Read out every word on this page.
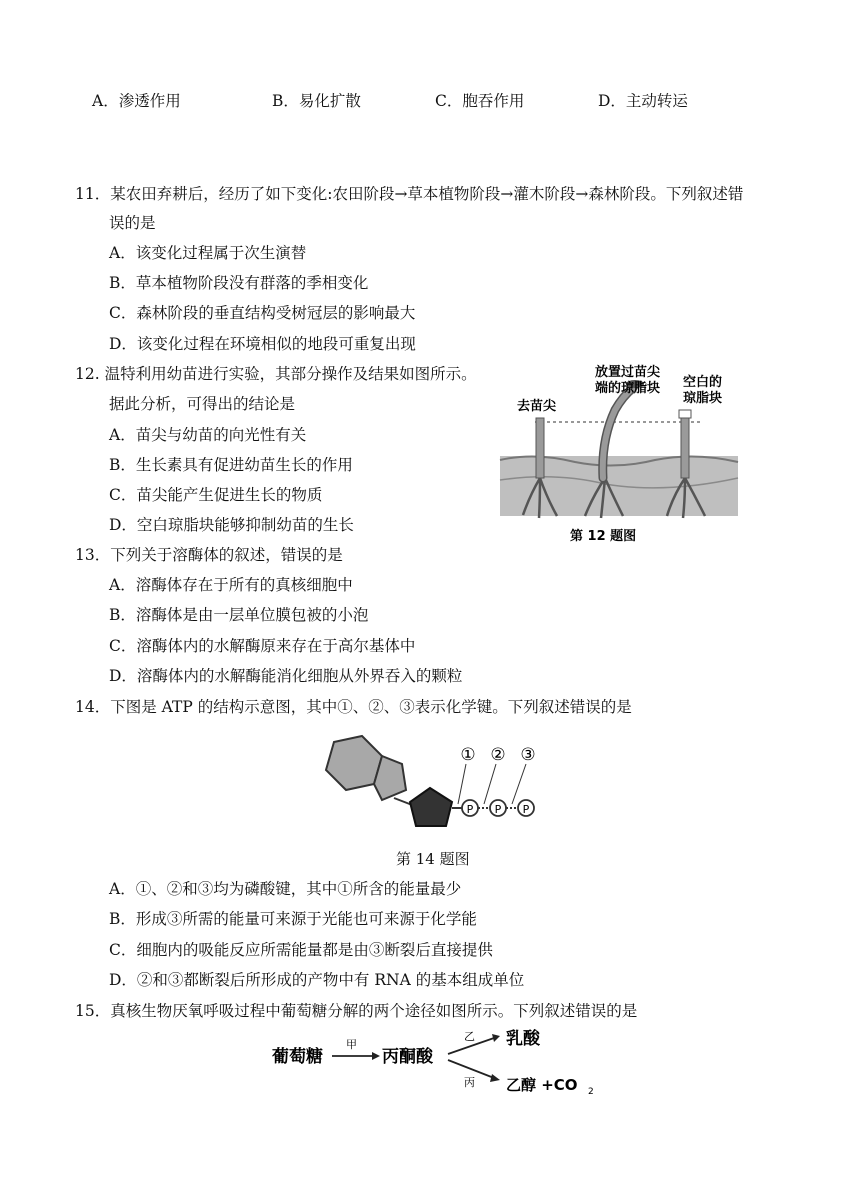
A．渗透作用	B．易化扩散	C．胞吞作用	D．主动转运
11．某农田弃耕后，经历了如下变化:农田阶段→草本植物阶段→灌木阶段→森林阶段。下列叙述错
误的是
A．该变化过程属于次生演替
B．草本植物阶段没有群落的季相变化
C．森林阶段的垂直结构受树冠层的影响最大
D．该变化过程在环境相似的地段可重复出现
12. 温特利用幼苗进行实验，其部分操作及结果如图所示。
据此分析，可得出的结论是
A．苗尖与幼苗的向光性有关
B．生长素具有促进幼苗生长的作用
C．苗尖能产生促进生长的物质
D．空白琼脂块能够抑制幼苗的生长
去苗尖
放置过苗尖
端的琼脂块 空白的
琼脂块
第 12 题图
13．下列关于溶酶体的叙述，错误的是
A．溶酶体存在于所有的真核细胞中
B．溶酶体是由一层单位膜包被的小泡
C．溶酶体内的水解酶原来存在于高尔基体中
D．溶酶体内的水解酶能消化细胞从外界吞入的颗粒
14．下图是 ATP 的结构示意图，其中①、②、③表示化学键。下列叙述错误的是
P P P
① ② ③
第 14 题图
A．①、②和③均为磷酸键，其中①所含的能量最少
B．形成③所需的能量可来源于光能也可来源于化学能
C．细胞内的吸能反应所需能量都是由③断裂后直接提供
D．②和③都断裂后所形成的产物中有 RNA 的基本组成单位
15．真核生物厌氧呼吸过程中葡萄糖分解的两个途径如图所示。下列叙述错误的是
葡萄糖
甲
丙酮酸
乙
丙
乳酸
乙醇 +CO 2
